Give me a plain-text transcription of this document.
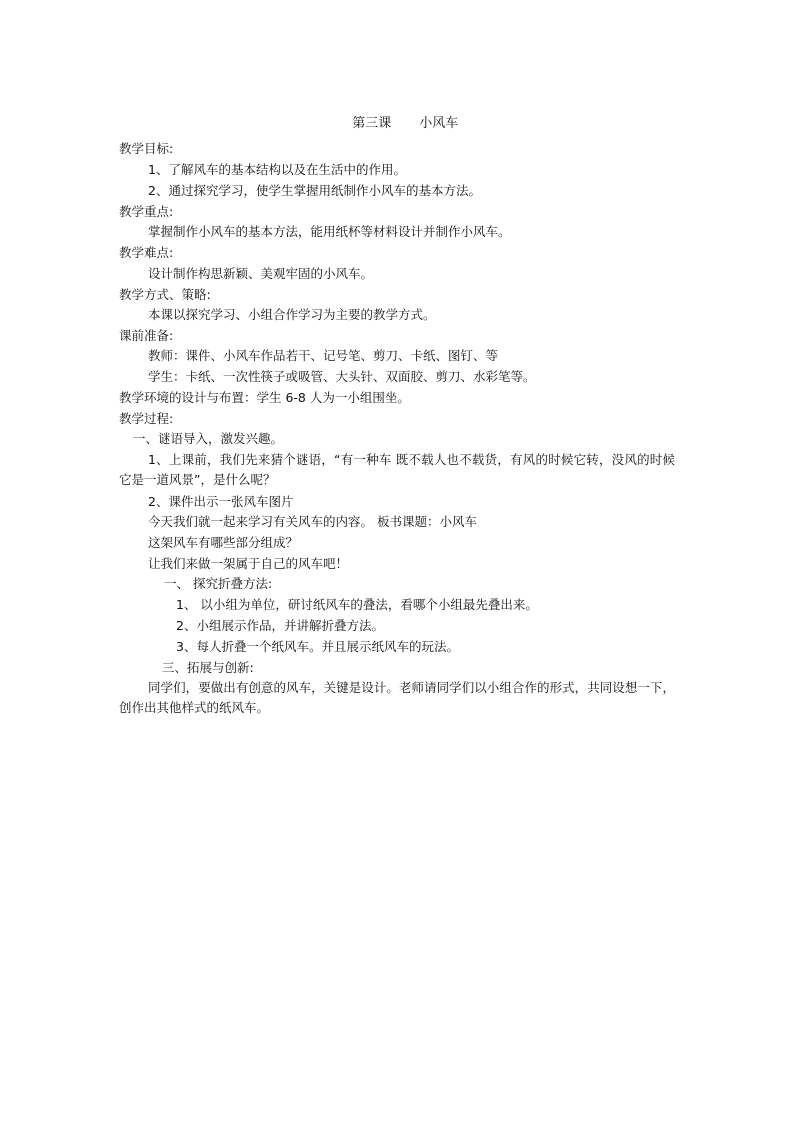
第三课 小风车

教学目标:
1、了解风车的基本结构以及在生活中的作用。
2、通过探究学习，使学生掌握用纸制作小风车的基本方法。
教学重点:
掌握制作小风车的基本方法，能用纸杯等材料设计并制作小风车。
教学难点:
设计制作构思新颖、美观牢固的小风车。
教学方式、策略:
本课以探究学习、小组合作学习为主要的教学方式。
课前准备:
教师：课件、小风车作品若干、记号笔、剪刀、卡纸、图钉、等
学生：卡纸、一次性筷子或吸管、大头针、双面胶、剪刀、水彩笔等。
教学环境的设计与布置：学生 6-8 人为一小组围坐。
教学过程:
一、谜语导入，激发兴趣。

1、上课前，我们先来猜个谜语，“有一种车 既不载人也不载货，有风的时候它转，没风的时候它是一道风景”，是什么呢？

2、课件出示一张风车图片
今天我们就一起来学习有关风车的内容。 板书课题：小风车
这架风车有哪些部分组成？
让我们来做一架属于自己的风车吧！
一、 探究折叠方法:
1、 以小组为单位，研讨纸风车的叠法，看哪个小组最先叠出来。
2、小组展示作品，并讲解折叠方法。
3、每人折叠一个纸风车。并且展示纸风车的玩法。
三、拓展与创新:

同学们，要做出有创意的风车，关键是设计。老师请同学们以小组合作的形式，共同设想一下，创作出其他样式的纸风车。
